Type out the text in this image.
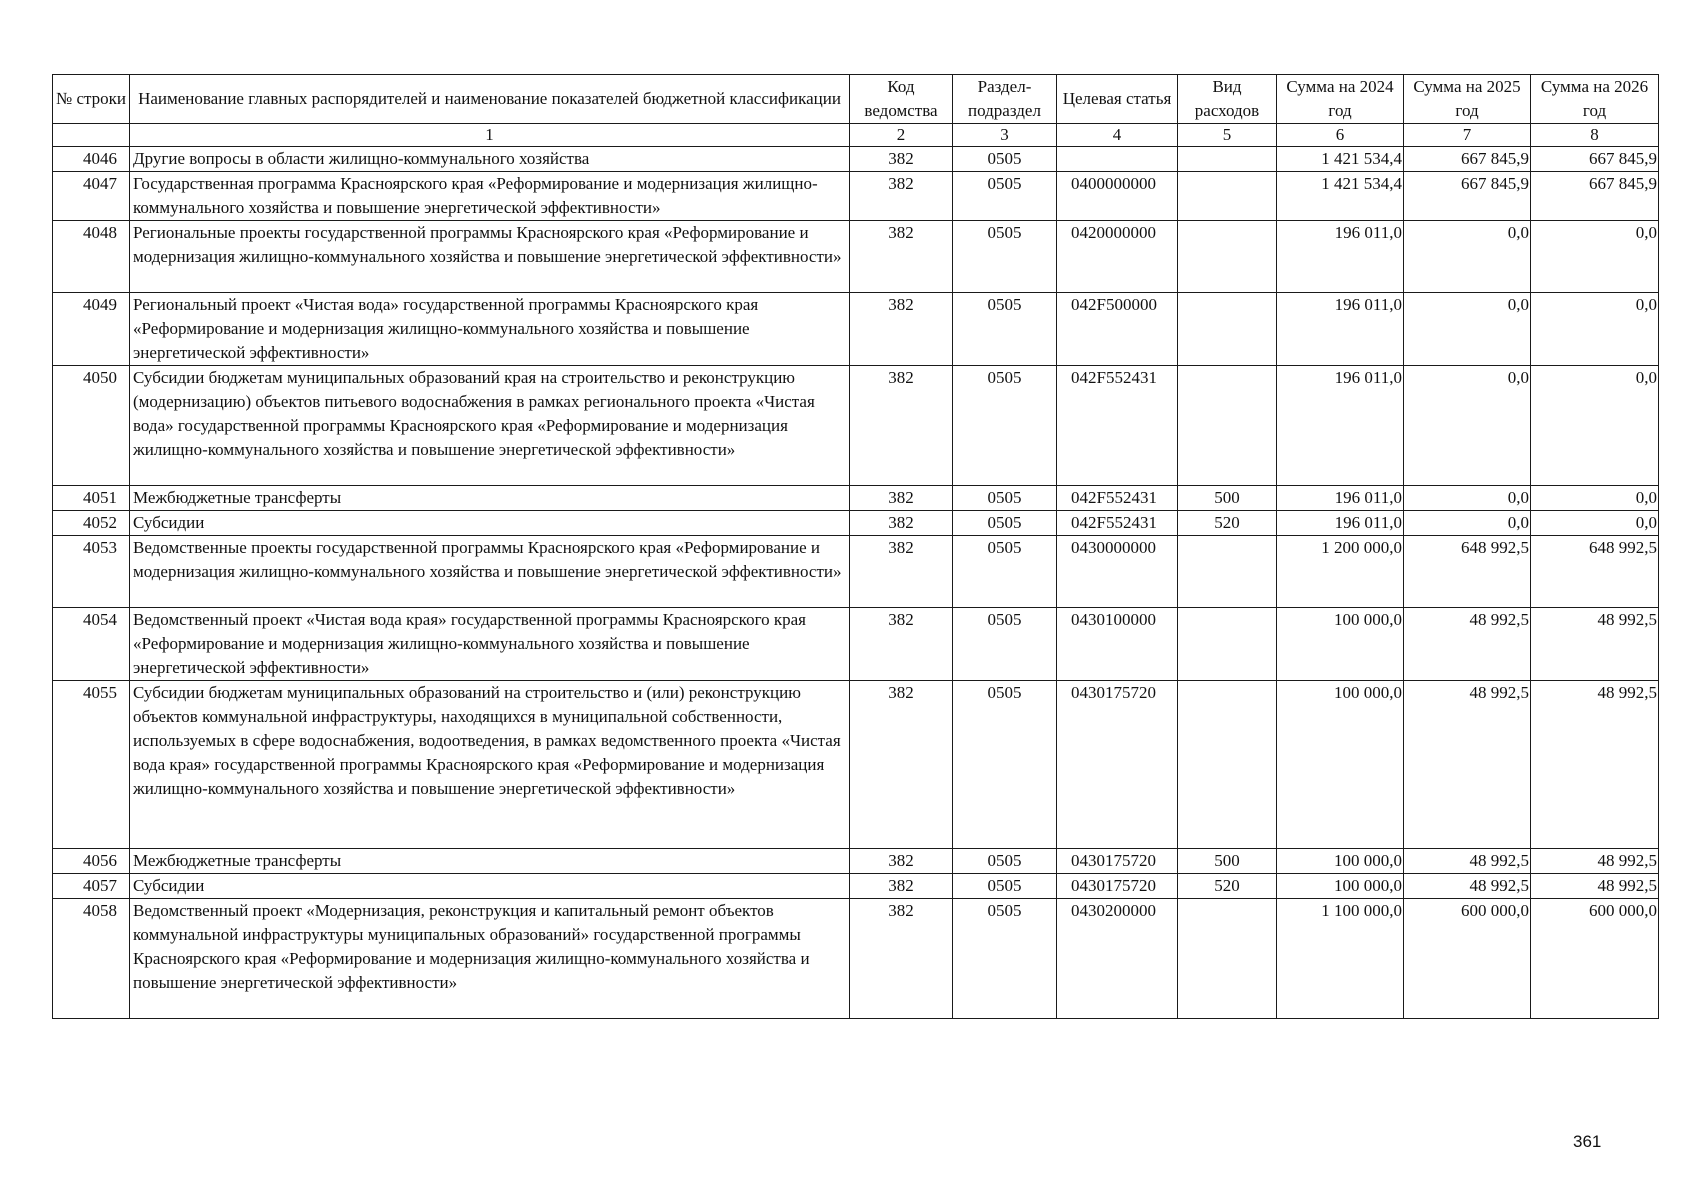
№ строки	Наименование главных распорядителей и наименование показателей бюджетной классификации	Код ведомства	Раздел-подраздел	Целевая статья	Вид расходов	Сумма на 2024 год	Сумма на 2025 год	Сумма на 2026 год
	1	2	3	4	5	6	7	8
4046	Другие вопросы в области жилищно-коммунального хозяйства	382	0505			1 421 534,4	667 845,9	667 845,9
4047	Государственная программа Красноярского края «Реформирование и модернизация жилищно-коммунального хозяйства и повышение энергетической эффективности»	382	0505	0400000000		1 421 534,4	667 845,9	667 845,9
4048	Региональные проекты государственной программы Красноярского края «Реформирование и модернизация жилищно-коммунального хозяйства и повышение энергетической эффективности»	382	0505	0420000000		196 011,0	0,0	0,0
4049	Региональный проект «Чистая вода» государственной программы Красноярского края «Реформирование и модернизация жилищно-коммунального хозяйства и повышение энергетической эффективности»	382	0505	042F500000		196 011,0	0,0	0,0
4050	Субсидии бюджетам муниципальных образований края на строительство и реконструкцию (модернизацию) объектов питьевого водоснабжения в рамках регионального проекта «Чистая вода» государственной программы Красноярского края «Реформирование и модернизация жилищно-коммунального хозяйства и повышение энергетической эффективности»	382	0505	042F552431		196 011,0	0,0	0,0
4051	Межбюджетные трансферты	382	0505	042F552431	500	196 011,0	0,0	0,0
4052	Субсидии	382	0505	042F552431	520	196 011,0	0,0	0,0
4053	Ведомственные проекты государственной программы Красноярского края «Реформирование и модернизация жилищно-коммунального хозяйства и повышение энергетической эффективности»	382	0505	0430000000		1 200 000,0	648 992,5	648 992,5
4054	Ведомственный проект «Чистая вода края» государственной программы Красноярского края «Реформирование и модернизация жилищно-коммунального хозяйства и повышение энергетической эффективности»	382	0505	0430100000		100 000,0	48 992,5	48 992,5
4055	Субсидии бюджетам муниципальных образований на строительство и (или) реконструкцию объектов коммунальной инфраструктуры, находящихся в муниципальной собственности, используемых в сфере водоснабжения, водоотведения, в рамках ведомственного проекта «Чистая вода края» государственной программы Красноярского края «Реформирование и модернизация жилищно-коммунального хозяйства и повышение энергетической эффективности»	382	0505	0430175720		100 000,0	48 992,5	48 992,5
4056	Межбюджетные трансферты	382	0505	0430175720	500	100 000,0	48 992,5	48 992,5
4057	Субсидии	382	0505	0430175720	520	100 000,0	48 992,5	48 992,5
4058	Ведомственный проект «Модернизация, реконструкция и капитальный ремонт объектов коммунальной инфраструктуры муниципальных образований» государственной программы Красноярского края «Реформирование и модернизация жилищно-коммунального хозяйства и повышение энергетической эффективности»	382	0505	0430200000		1 100 000,0	600 000,0	600 000,0
361
